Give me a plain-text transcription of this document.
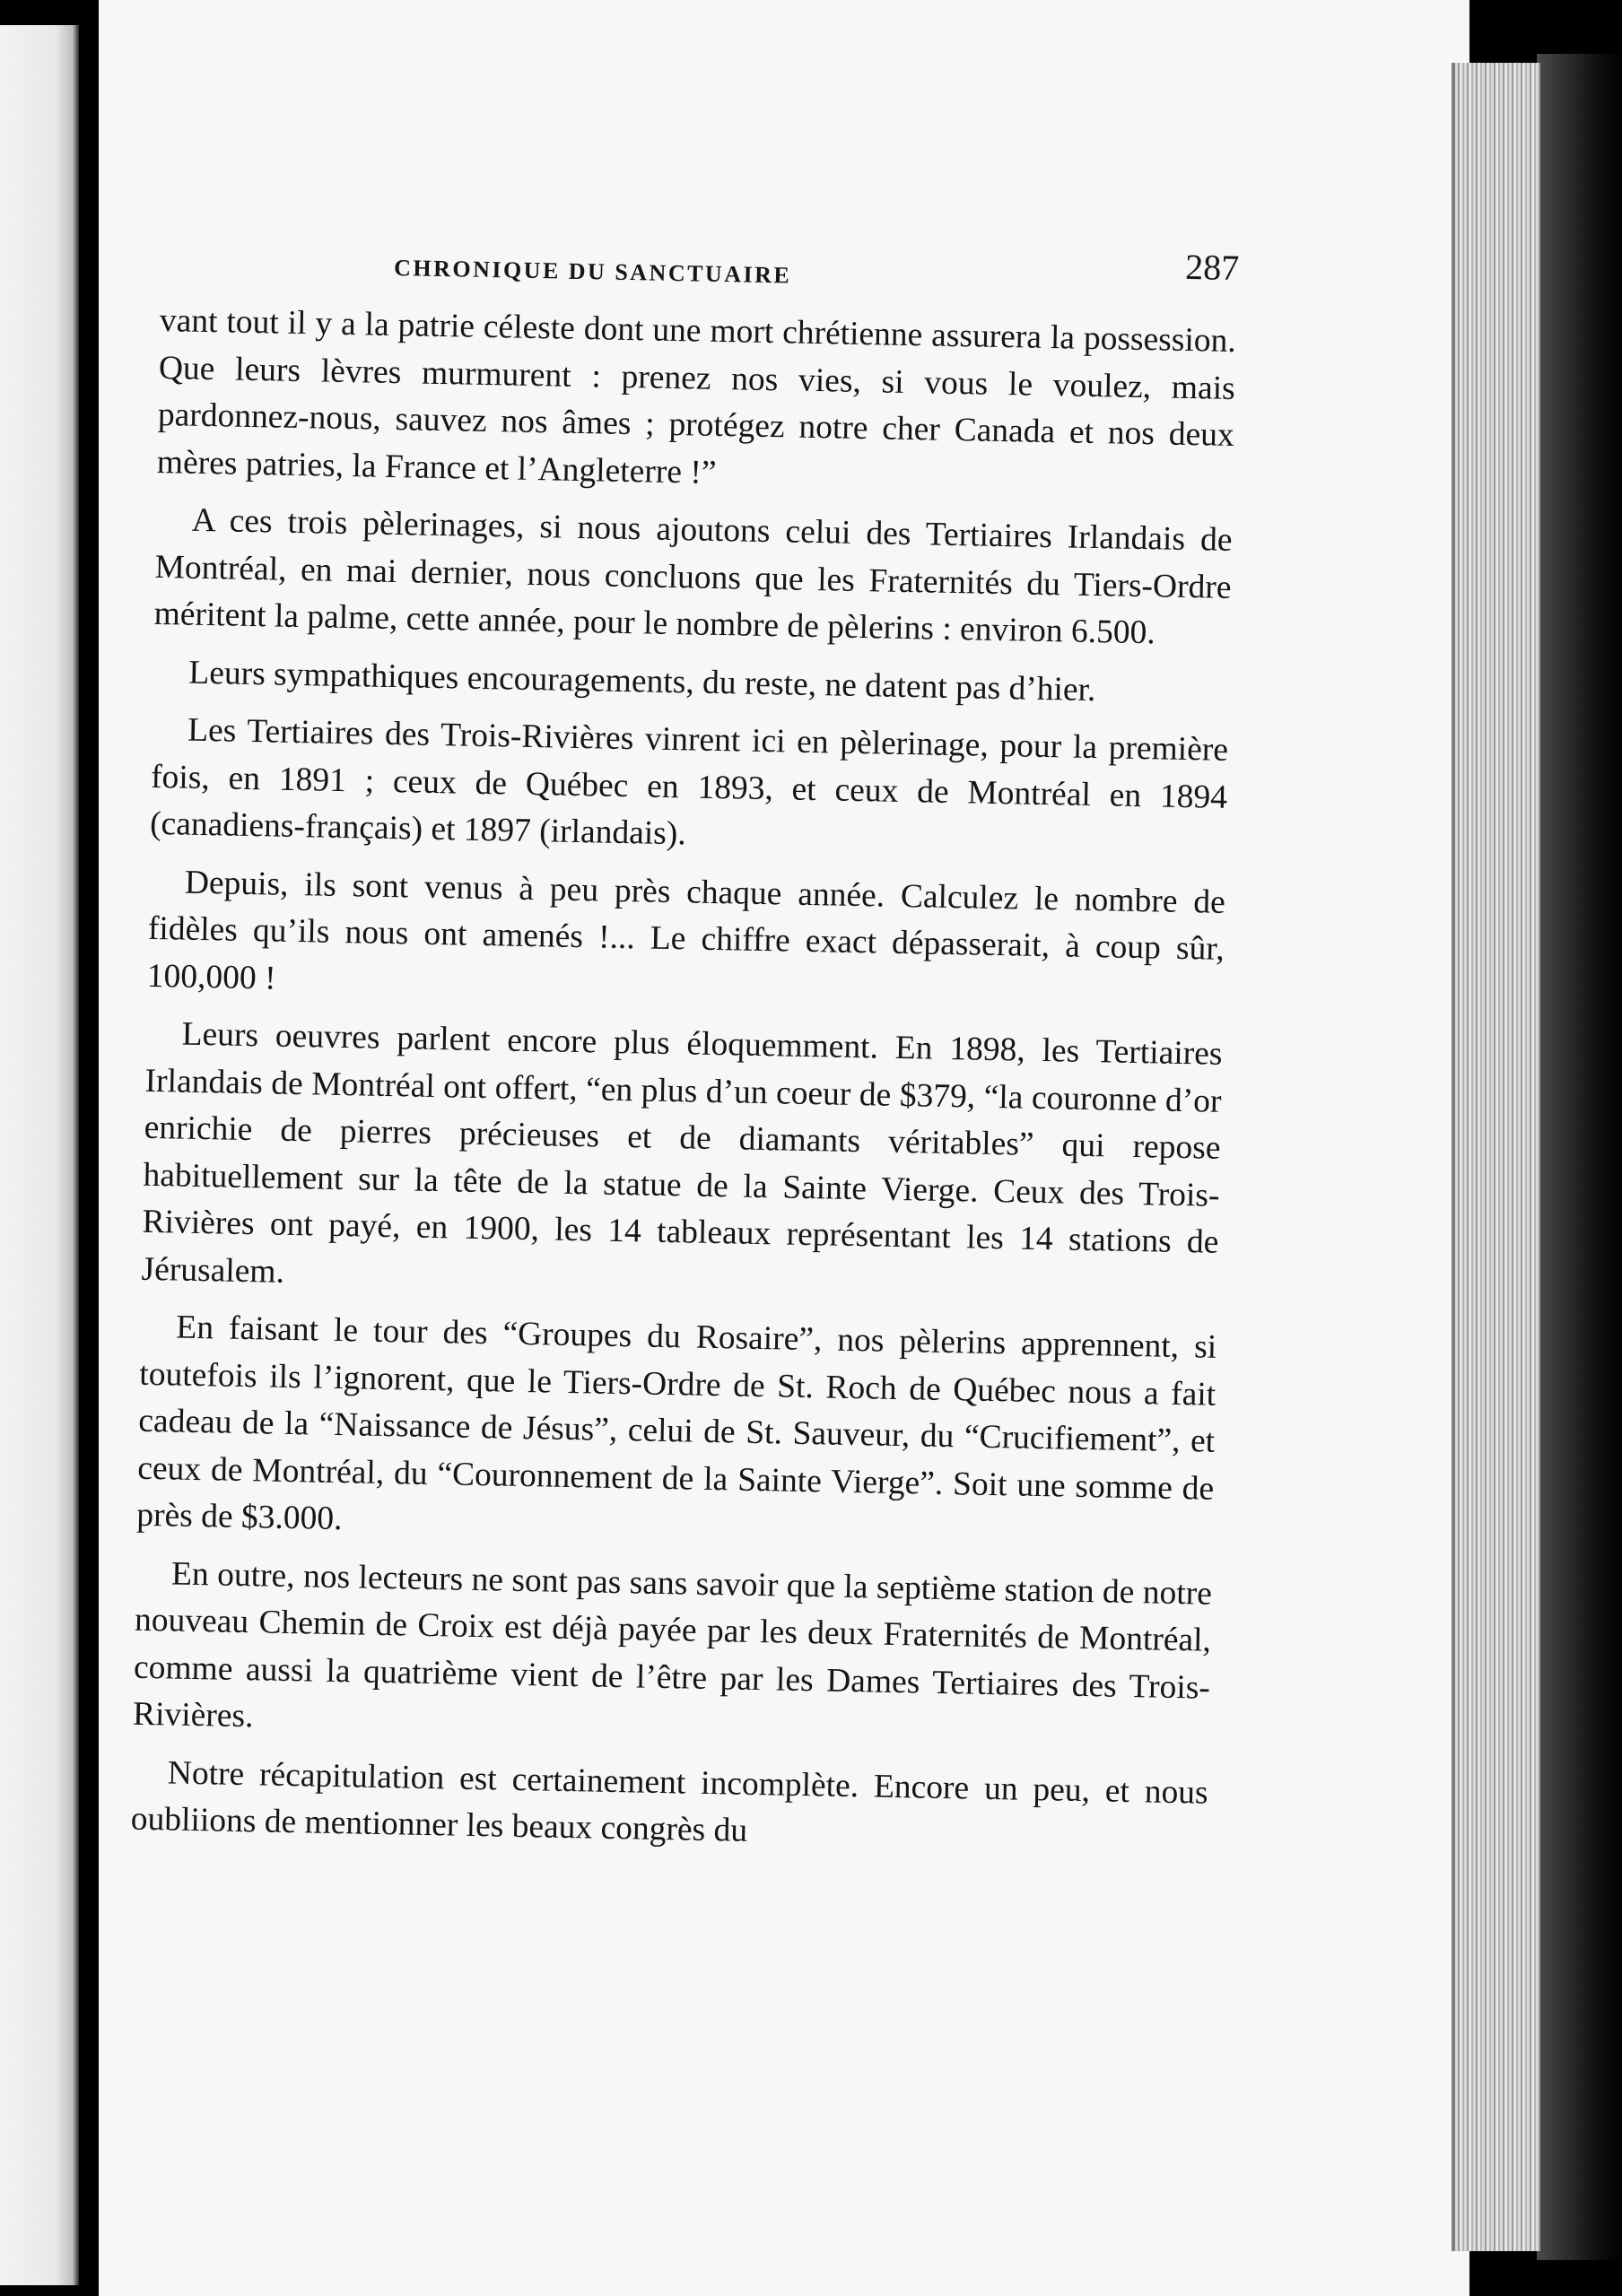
CHRONIQUE DU SANCTUAIRE	287

vant tout il y a la patrie céleste dont une mort chrétienne assurera la possession. Que leurs lèvres murmurent : prenez nos vies, si vous le voulez, mais pardonnez-nous, sauvez nos âmes ; protégez notre cher Canada et nos deux mères patries, la France et l’Angleterre !”

A ces trois pèlerinages, si nous ajoutons celui des Tertiaires Irlandais de Montréal, en mai dernier, nous concluons que les Fraternités du Tiers-Ordre méritent la palme, cette année, pour le nombre de pèlerins : environ 6.500.

Leurs sympathiques encouragements, du reste, ne datent pas d’hier.

Les Tertiaires des Trois-Rivières vinrent ici en pèlerinage, pour la première fois, en 1891 ; ceux de Québec en 1893, et ceux de Montréal en 1894 (canadiens-français) et 1897 (irlandais).

Depuis, ils sont venus à peu près chaque année. Calculez le nombre de fidèles qu’ils nous ont amenés !... Le chiffre exact dépasserait, à coup sûr, 100,000 !

Leurs oeuvres parlent encore plus éloquemment. En 1898, les Tertiaires Irlandais de Montréal ont offert, “en plus d’un coeur de $379, “la couronne d’or enrichie de pierres précieuses et de diamants véritables” qui repose habituellement sur la tête de la statue de la Sainte Vierge. Ceux des Trois-Rivières ont payé, en 1900, les 14 tableaux représentant les 14 stations de Jérusalem.

En faisant le tour des “Groupes du Rosaire”, nos pèlerins apprennent, si toutefois ils l’ignorent, que le Tiers-Ordre de St. Roch de Québec nous a fait cadeau de la “Naissance de Jésus”, celui de St. Sauveur, du “Crucifiement”, et ceux de Montréal, du “Couronnement de la Sainte Vierge”. Soit une somme de près de $3.000.

En outre, nos lecteurs ne sont pas sans savoir que la septième station de notre nouveau Chemin de Croix est déjà payée par les deux Fraternités de Montréal, comme aussi la quatrième vient de l’être par les Dames Tertiaires des Trois-Rivières.

Notre récapitulation est certainement incomplète. Encore un peu, et nous oubliions de mentionner les beaux congrès du
